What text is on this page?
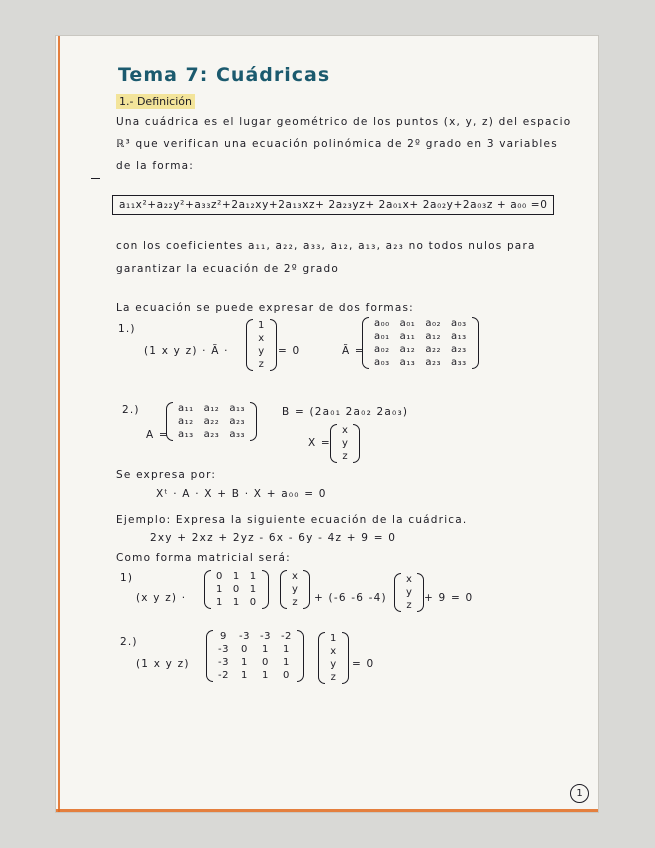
Tema 7: Cuádricas
1.- Definición
Una cuádrica es el lugar geométrico de los puntos (x, y, z) del espacio
ℝ³ que verifican una ecuación polinómica de 2º grado en 3 variables
de la forma:
a₁₁x²+a₂₂y²+a₃₃z²+2a₁₂xy+2a₁₃xz+ 2a₂₃yz+ 2a₀₁x+ 2a₀₂y+2a₀₃z + a₀₀ =0
con los coeficientes a₁₁, a₂₂, a₃₃, a₁₂, a₁₃, a₂₃ no todos nulos para
garantizar la ecuación de 2º grado
La ecuación se puede expresar de dos formas:
1.)
(1 x y z) · Ã ·
1
x
y
z
= 0	Ã =
a₀₀	a₀₁	a₀₂	a₀₃
a₀₁	a₁₁	a₁₂	a₁₃
a₀₂	a₁₂	a₂₂	a₂₃
a₀₃	a₁₃	a₂₃	a₃₃
2.)
A =
a₁₁	a₁₂	a₁₃
a₁₂	a₂₂	a₂₃
a₁₃	a₂₃	a₃₃
B = (2a₀₁ 2a₀₂ 2a₀₃)
X =
x
y
z
Se expresa por:
Xᵗ · A · X + B · X + a₀₀ = 0
Ejemplo: Expresa la siguiente ecuación de la cuádrica.
2xy + 2xz + 2yz - 6x - 6y - 4z + 9 = 0
Como forma matricial será:
1)
(x y z) ·
0	1	1
1	0	1
1	1	0
x
y
z + (-6 -6 -4)
x
y
z
+ 9 = 0
2.)
(1 x y z)
9	-3	-3	-2
-3	0	1	1
-3	1	0	1
-2	1	1	0
1
x
y
z
= 0
1
